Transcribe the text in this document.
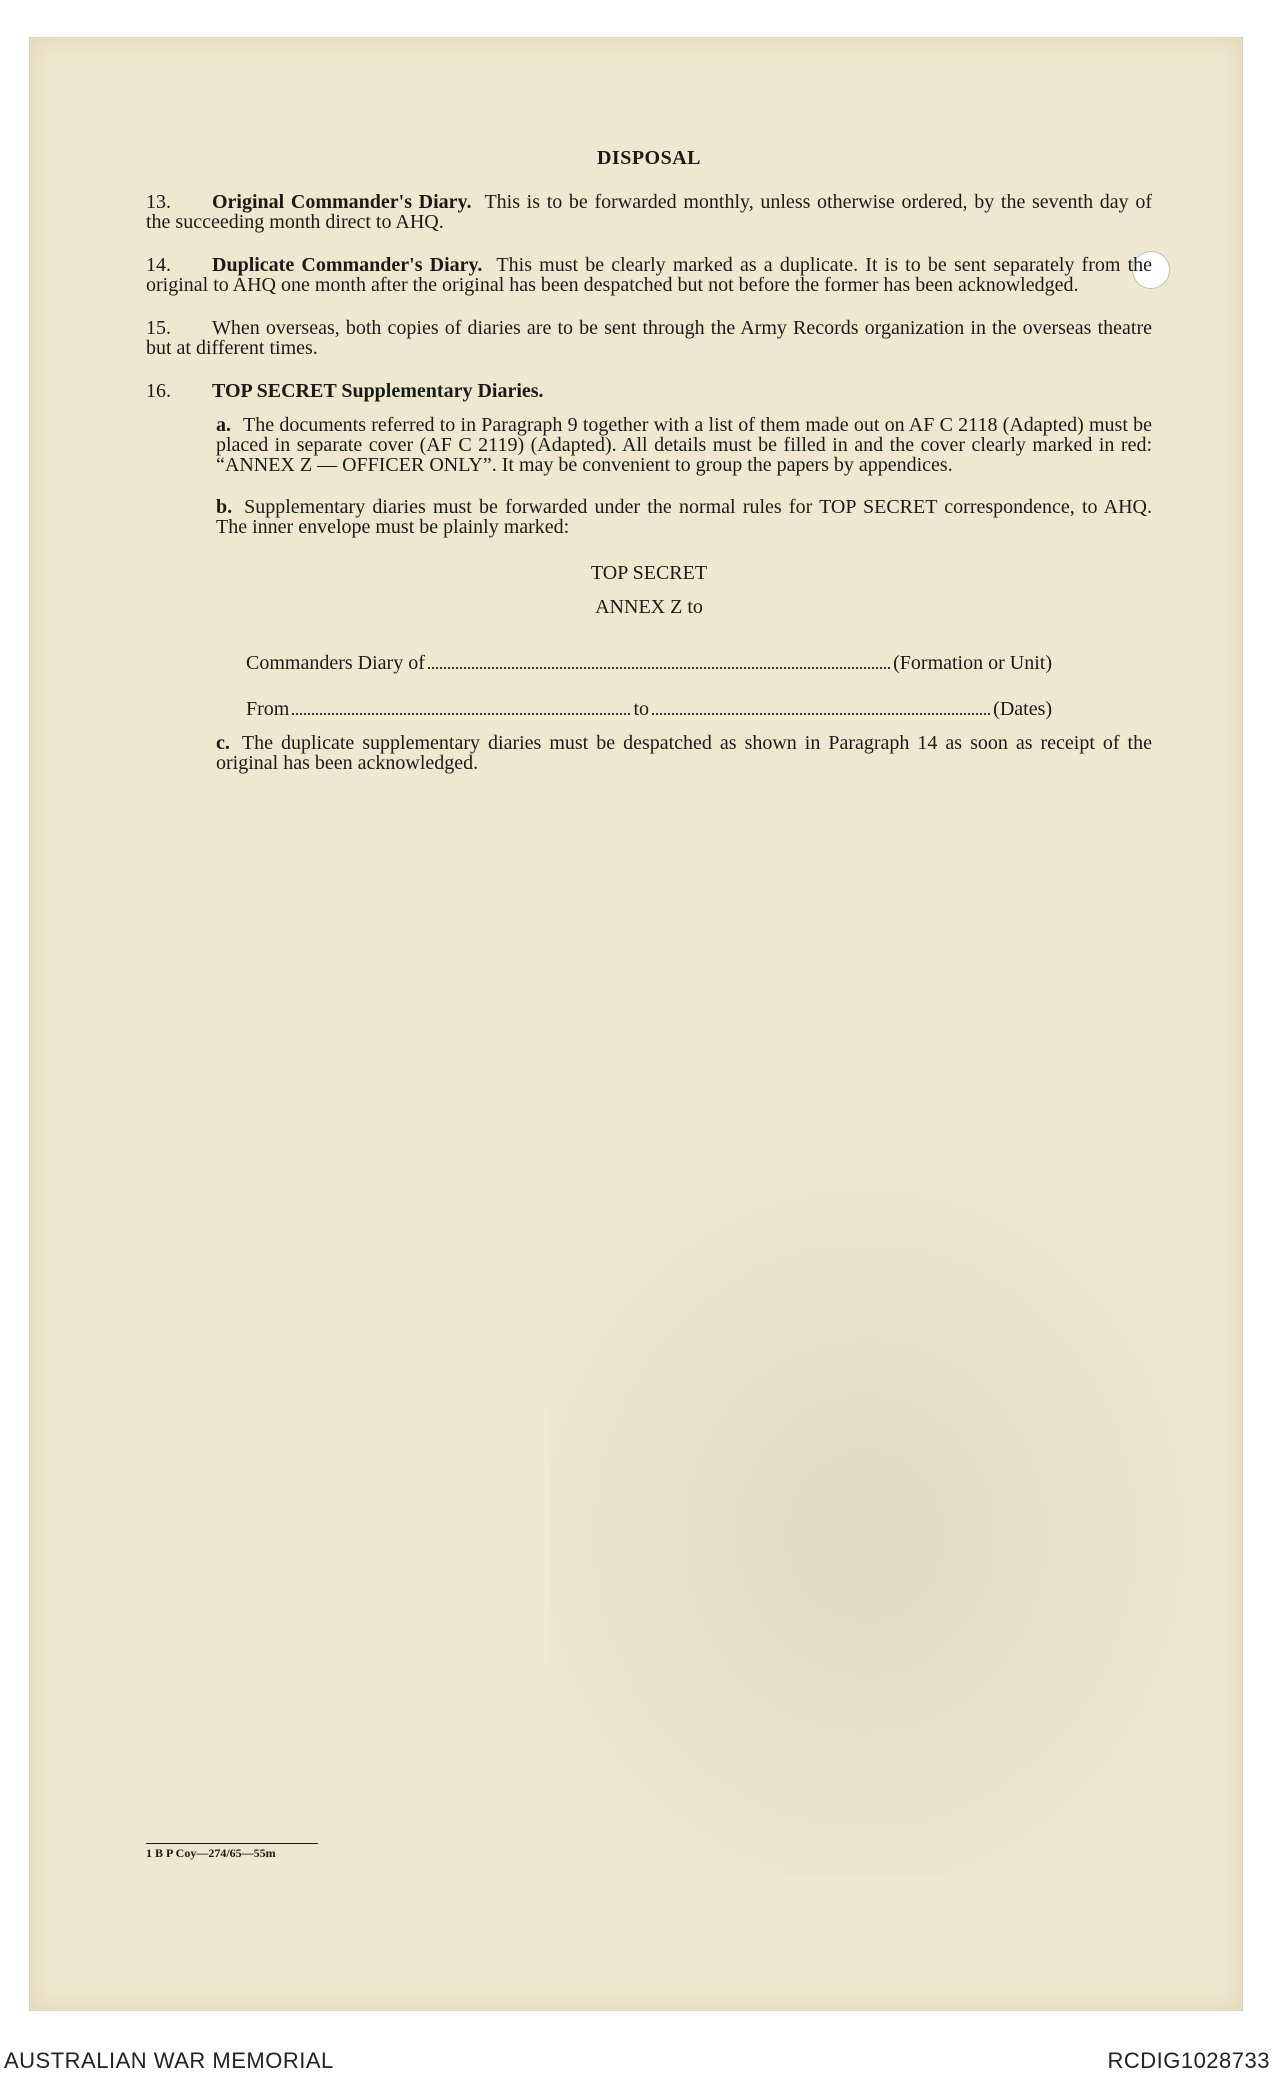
DISPOSAL

13. Original Commander's Diary. This is to be forwarded monthly, unless otherwise ordered, by the seventh day of the succeeding month direct to AHQ.

14. Duplicate Commander's Diary. This must be clearly marked as a duplicate. It is to be sent separately from the original to AHQ one month after the original has been despatched but not before the former has been acknowledged.

15. When overseas, both copies of diaries are to be sent through the Army Records organization in the overseas theatre but at different times.

16. TOP SECRET Supplementary Diaries.

a. The documents referred to in Paragraph 9 together with a list of them made out on AF C 2118 (Adapted) must be placed in separate cover (AF C 2119) (Adapted). All details must be filled in and the cover clearly marked in red: “ANNEX Z — OFFICER ONLY”. It may be convenient to group the papers by appendices.

b. Supplementary diaries must be forwarded under the normal rules for TOP SECRET correspondence, to AHQ. The inner envelope must be plainly marked:

TOP SECRET

ANNEX Z to

Commanders Diary of	(Formation or Unit)
From	to	(Dates)

c. The duplicate supplementary diaries must be despatched as shown in Paragraph 14 as soon as receipt of the original has been acknowledged.

1 B P Coy—274/65—55m
AUSTRALIAN WAR MEMORIAL	RCDIG1028733
